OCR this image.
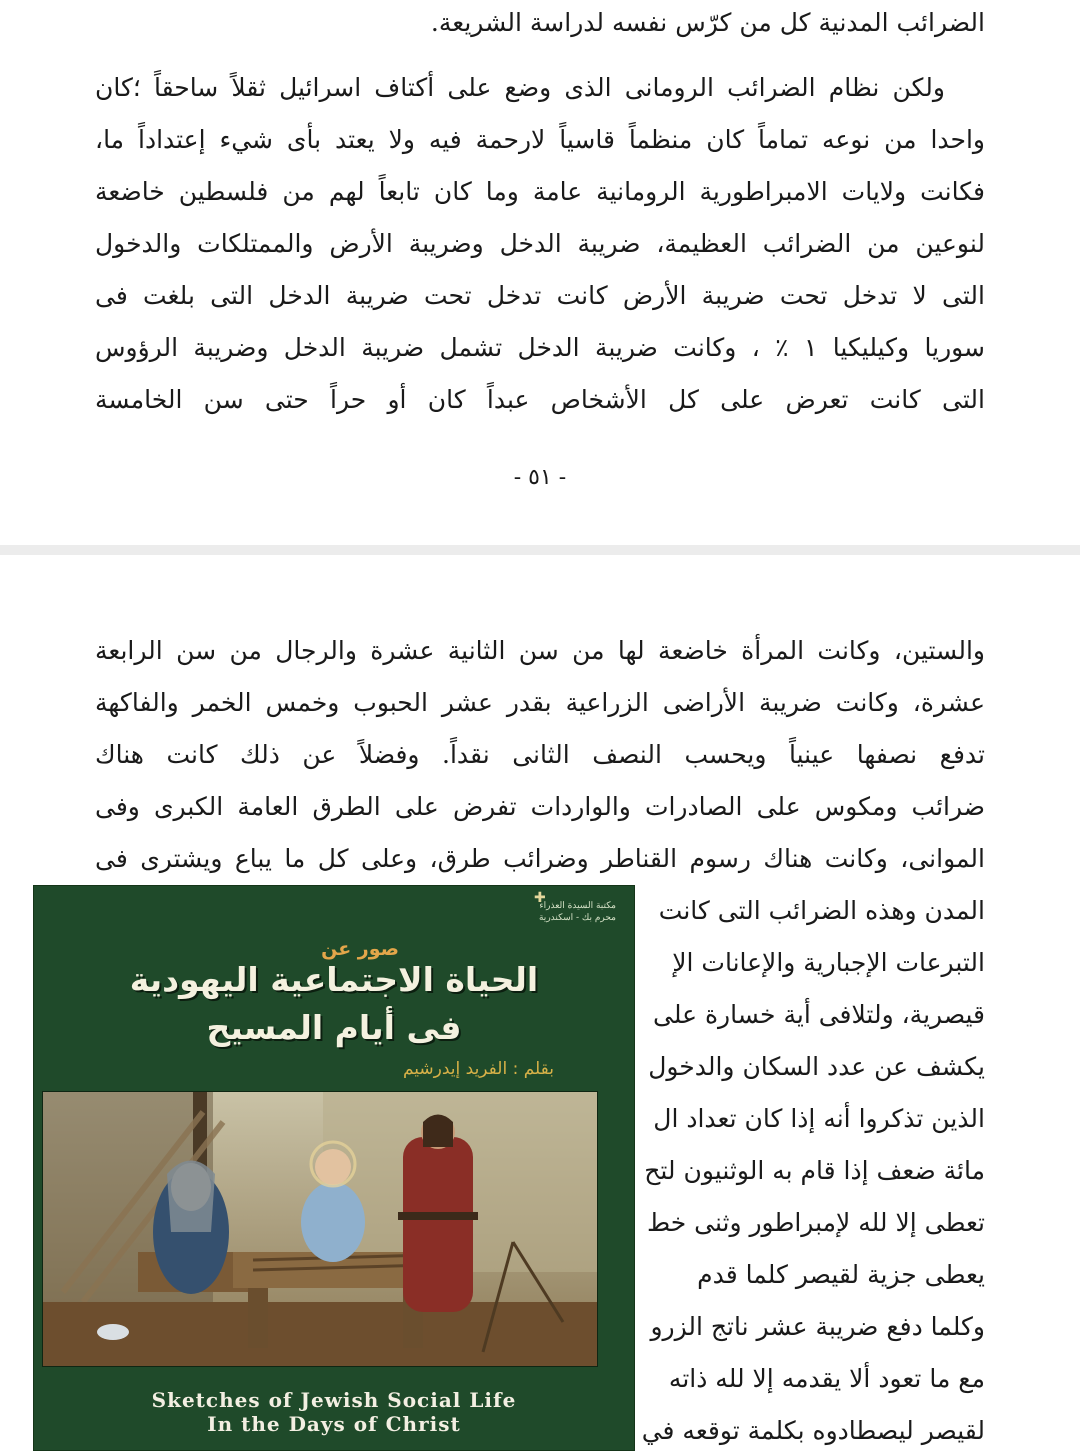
الضرائب المدنية كل من كرّس نفسه لدراسة الشريعة.
ولكن نظام الضرائب الرومانى الذى وضع على أكتاف اسرائيل ثقلاً ساحقاً ؛كان
واحدا من نوعه تماماً كان منظماً قاسياً لارحمة فيه ولا يعتد بأى شيء إعتداداً ما،
فكانت ولايات الامبراطورية الرومانية عامة وما كان تابعاً لهم من فلسطين خاضعة
لنوعين من الضرائب العظيمة، ضريبة الدخل وضريبة الأرض والممتلكات والدخول
التى لا تدخل تحت ضريبة الأرض كانت تدخل تحت ضريبة الدخل التى بلغت فى
سوريا وكيليكيا ١ ٪ ، وكانت ضريبة الدخل تشمل ضريبة الدخل وضريبة الرؤوس
التى كانت تعرض على كل الأشخاص عبداً كان أو حراً حتى سن الخامسة
- ٥١ -
والستين، وكانت المرأة خاضعة لها من سن الثانية عشرة والرجال من سن الرابعة
عشرة، وكانت ضريبة الأراضى الزراعية بقدر عشر الحبوب وخمس الخمر والفاكهة
تدفع نصفها عينياً ويحسب النصف الثانى نقداً. وفضلاً عن ذلك كانت هناك
ضرائب ومكوس على الصادرات والواردات تفرض على الطرق العامة الكبرى وفى
الموانى، وكانت هناك رسوم القناطر وضرائب طرق، وعلى كل ما يباع ويشترى فى
المدن وهذه الضرائب التى كانت
التبرعات الإجبارية والإعانات الإ
قيصرية، ولتلافى أية خسارة على
يكشف عن عدد السكان والدخول
الذين تذكروا أنه إذا كان تعداد ال
مائة ضعف إذا قام به الوثنيون لتح
تعطى إلا لله لإمبراطور وثنى خط
يعطى جزية لقيصر كلما قدم
وكلما دفع ضريبة عشر ناتج الزرو
مع ما تعود ألا يقدمه إلا لله ذاته
لقيصر ليصطادوه بكلمة توقعه في
✚
مكتبة السيدة العذراء
محرم بك - اسكندرية
صور عن
الحياة الاجتماعية اليهودية
فى أيام المسيح
بقلم : الفريد إيدرشيم
Sketches of Jewish Social Life
In the Days of Christ
